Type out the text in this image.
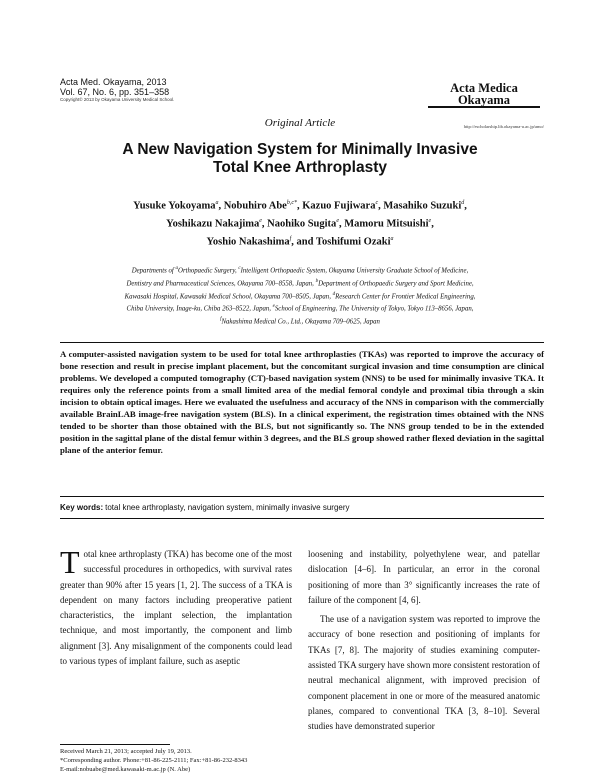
Acta Med. Okayama, 2013
Vol. 67, No. 6, pp. 351–358
Copyright© 2013 by Okayama University Medical School.
Acta Medica
Okayama
http://escholarship.lib.okayama-u.ac.jp/amo/
Original Article
A New Navigation System for Minimally Invasive
Total Knee Arthroplasty
Yusuke Yokoyama$^a$, Nobuhiro Abe$^{b,c*}$, Kazuo Fujiwara$^c$, Masahiko Suzuki$^d$,
Yoshikazu Nakajima$^e$, Naohiko Sugita$^e$, Mamoru Mitsuishi$^e$,
Yoshio Nakashima$^f$, and Toshifumi Ozaki$^a$
Departments of $^a$Orthopaedic Surgery, $^c$Intelligent Orthopaedic System, Okayama University Graduate School of Medicine,
Dentistry and Pharmaceutical Sciences, Okayama 700–8558, Japan, $^b$Department of Orthopaedic Surgery and Sport Medicine,
Kawasaki Hospital, Kawasaki Medical School, Okayama 700–8505, Japan, $^d$Research Center for Frontier Medical Engineering,
Chiba University, Inage-ku, Chiba 263–8522, Japan, $^e$School of Engineering, The University of Tokyo, Tokyo 113–8656, Japan,
$^f$Nakashima Medical Co., Ltd., Okayama 709–0625, Japan
A computer-assisted navigation system to be used for total knee arthroplasties (TKAs) was reported to improve the accuracy of bone resection and result in precise implant placement, but the concomitant surgical invasion and time consumption are clinical problems. We developed a computed tomography (CT)-based navigation system (NNS) to be used for minimally invasive TKA. It requires only the reference points from a small limited area of the medial femoral condyle and proximal tibia through a skin incision to obtain optical images. Here we evaluated the usefulness and accuracy of the NNS in comparison with the commercially available BrainLAB image-free navigation system (BLS). In a clinical experiment, the registration times obtained with the NNS tended to be shorter than those obtained with the BLS, but not significantly so. The NNS group tended to be in the extended position in the sagittal plane of the distal femur within 3 degrees, and the BLS group showed rather flexed deviation in the sagittal plane of the anterior femur.
Key words: total knee arthroplasty, navigation system, minimally invasive surgery

Total knee arthroplasty (TKA) has become one of the most successful procedures in orthopedics, with survival rates greater than 90% after 15 years [1, 2]. The success of a TKA is dependent on many factors including preoperative patient characteristics, the implant selection, the implantation technique, and most importantly, the component and limb alignment [3]. Any misalignment of the components could lead to various types of implant failure, such as aseptic

loosening and instability, polyethylene wear, and patellar dislocation [4–6]. In particular, an error in the coronal positioning of more than 3° significantly increases the rate of failure of the component [4, 6].

The use of a navigation system was reported to improve the accuracy of bone resection and positioning of implants for TKAs [7, 8]. The majority of studies examining computer-assisted TKA surgery have shown more consistent restoration of neutral mechanical alignment, with improved precision of component placement in one or more of the measured anatomic planes, compared to conventional TKA [3, 8–10]. Several studies have demonstrated superior

Received March 21, 2013; accepted July 19, 2013.
*Corresponding author. Phone:+81-86-225-2111; Fax:+81-86-232-8343
E-mail:nobuabe@med.kawasaki-m.ac.jp (N. Abe)
